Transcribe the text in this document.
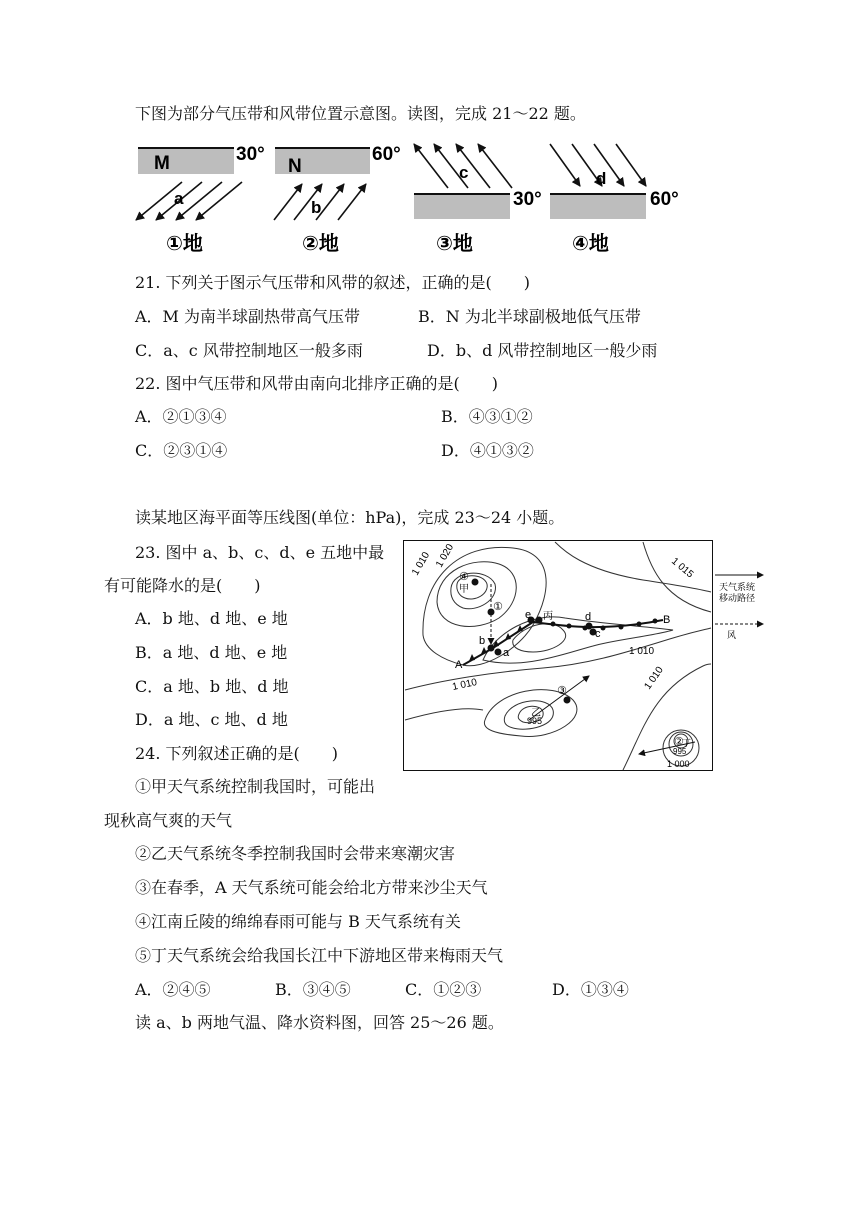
下图为部分气压带和风带位置示意图。读图，完成 21～22 题。
M	30°
a
①地
N
60°
b
②地
30°
c
③地
60°
d
④地
21. 下列关于图示气压带和风带的叙述，正确的是(　　)
A．M 为南半球副热带高气压带	B．N 为北半球副极地低气压带
C．a、c 风带控制地区一般多雨	D．b、d 风带控制地区一般少雨
22. 图中气压带和风带由南向北排序正确的是(　　)
A．②①③④	B．④③①②
C．②③①④	D．④①③②
读某地区海平面等压线图(单位：hPa)，完成 23～24 小题。
23. 图中 a、b、c、d、e 五地中最
有可能降水的是(　　)
A．b 地、d 地、e 地
B．a 地、d 地、e 地
C．a 地、b 地、d 地
D．a 地、c 地、d 地
天气系统
移动路径
风
1 010 1 020	1 015
1 010
1 010	1 010
995
995
1 000
甲
乙
丙
丁
④
①
③
②
A
B
a
b
c
d
e
24. 下列叙述正确的是(　　)
①甲天气系统控制我国时，可能出
现秋高气爽的天气
②乙天气系统冬季控制我国时会带来寒潮灾害
③在春季，A 天气系统可能会给北方带来沙尘天气
④江南丘陵的绵绵春雨可能与 B 天气系统有关
⑤丁天气系统会给我国长江中下游地区带来梅雨天气
A．②④⑤	B．③④⑤	C．①②③	D．①③④
读 a、b 两地气温、降水资料图，回答 25～26 题。
